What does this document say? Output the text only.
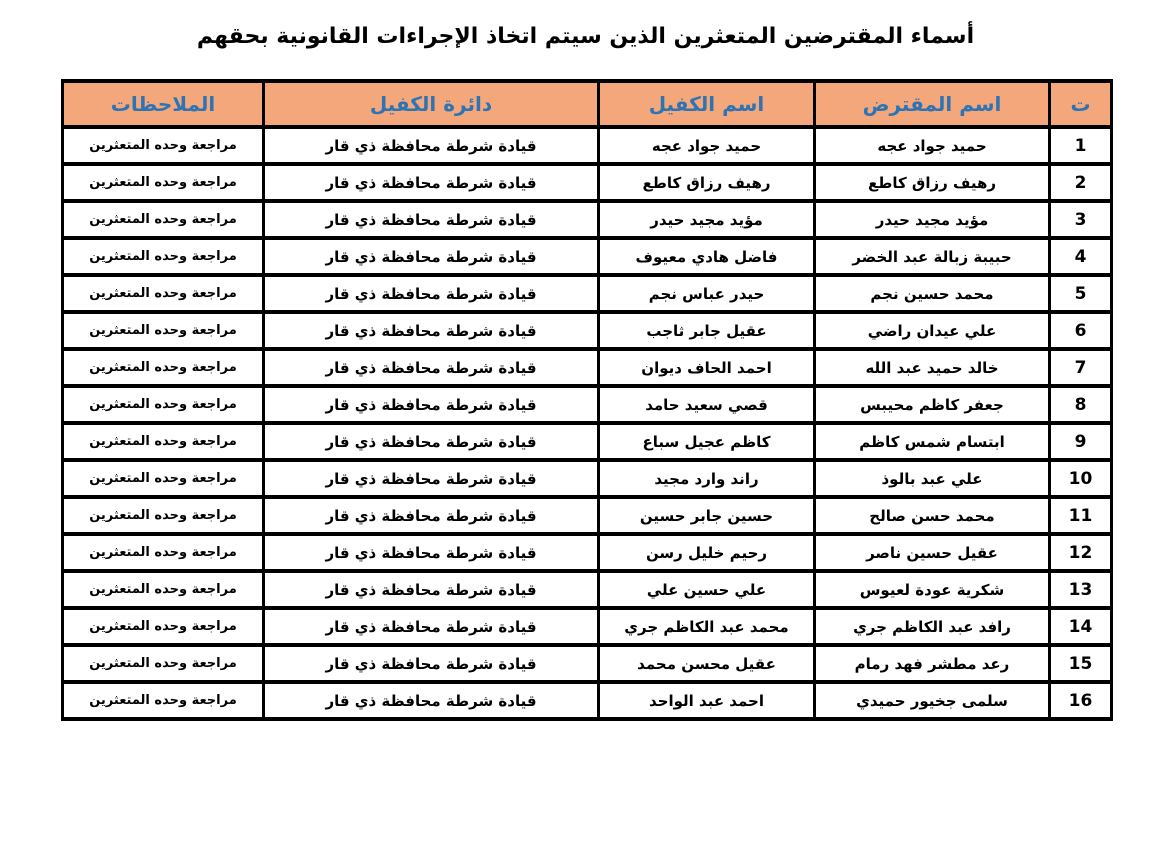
أسماء المقترضين المتعثرين الذين سيتم اتخاذ الإجراءات القانونية بحقهم
ت	اسم المقترض	اسم الكفيل	دائرة الكفيل	الملاحظات
1	حميد جواد عجه	حميد جواد عجه	قيادة شرطة محافظة ذي قار	مراجعة وحده المتعثرين
2	رهيف رزاق كاطع	رهيف رزاق كاطع	قيادة شرطة محافظة ذي قار	مراجعة وحده المتعثرين
3	مؤيد مجيد حيدر	مؤيد مجيد حيدر	قيادة شرطة محافظة ذي قار	مراجعة وحده المتعثرين
4	حبيبة زبالة عبد الخضر	فاضل هادي معيوف	قيادة شرطة محافظة ذي قار	مراجعة وحده المتعثرين
5	محمد حسين نجم	حيدر عباس نجم	قيادة شرطة محافظة ذي قار	مراجعة وحده المتعثرين
6	علي عيدان راضي	عقيل جابر ثاجب	قيادة شرطة محافظة ذي قار	مراجعة وحده المتعثرين
7	خالد حميد عبد الله	احمد الحاف ديوان	قيادة شرطة محافظة ذي قار	مراجعة وحده المتعثرين
8	جعفر كاظم محيبس	قصي سعيد حامد	قيادة شرطة محافظة ذي قار	مراجعة وحده المتعثرين
9	ابتسام شمس كاظم	كاظم عجيل سباع	قيادة شرطة محافظة ذي قار	مراجعة وحده المتعثرين
10	علي عبد بالوذ	راند وارد مجيد	قيادة شرطة محافظة ذي قار	مراجعة وحده المتعثرين
11	محمد حسن صالح	حسين جابر حسين	قيادة شرطة محافظة ذي قار	مراجعة وحده المتعثرين
12	عقيل حسين ناصر	رحيم خليل رسن	قيادة شرطة محافظة ذي قار	مراجعة وحده المتعثرين
13	شكرية عودة لعيوس	علي حسين علي	قيادة شرطة محافظة ذي قار	مراجعة وحده المتعثرين
14	رافد عبد الكاظم جري	محمد عبد الكاظم جري	قيادة شرطة محافظة ذي قار	مراجعة وحده المتعثرين
15	رعد مطشر فهد رمام	عقيل محسن محمد	قيادة شرطة محافظة ذي قار	مراجعة وحده المتعثرين
16	سلمى جخيور حميدي	احمد عبد الواحد	قيادة شرطة محافظة ذي قار	مراجعة وحده المتعثرين
